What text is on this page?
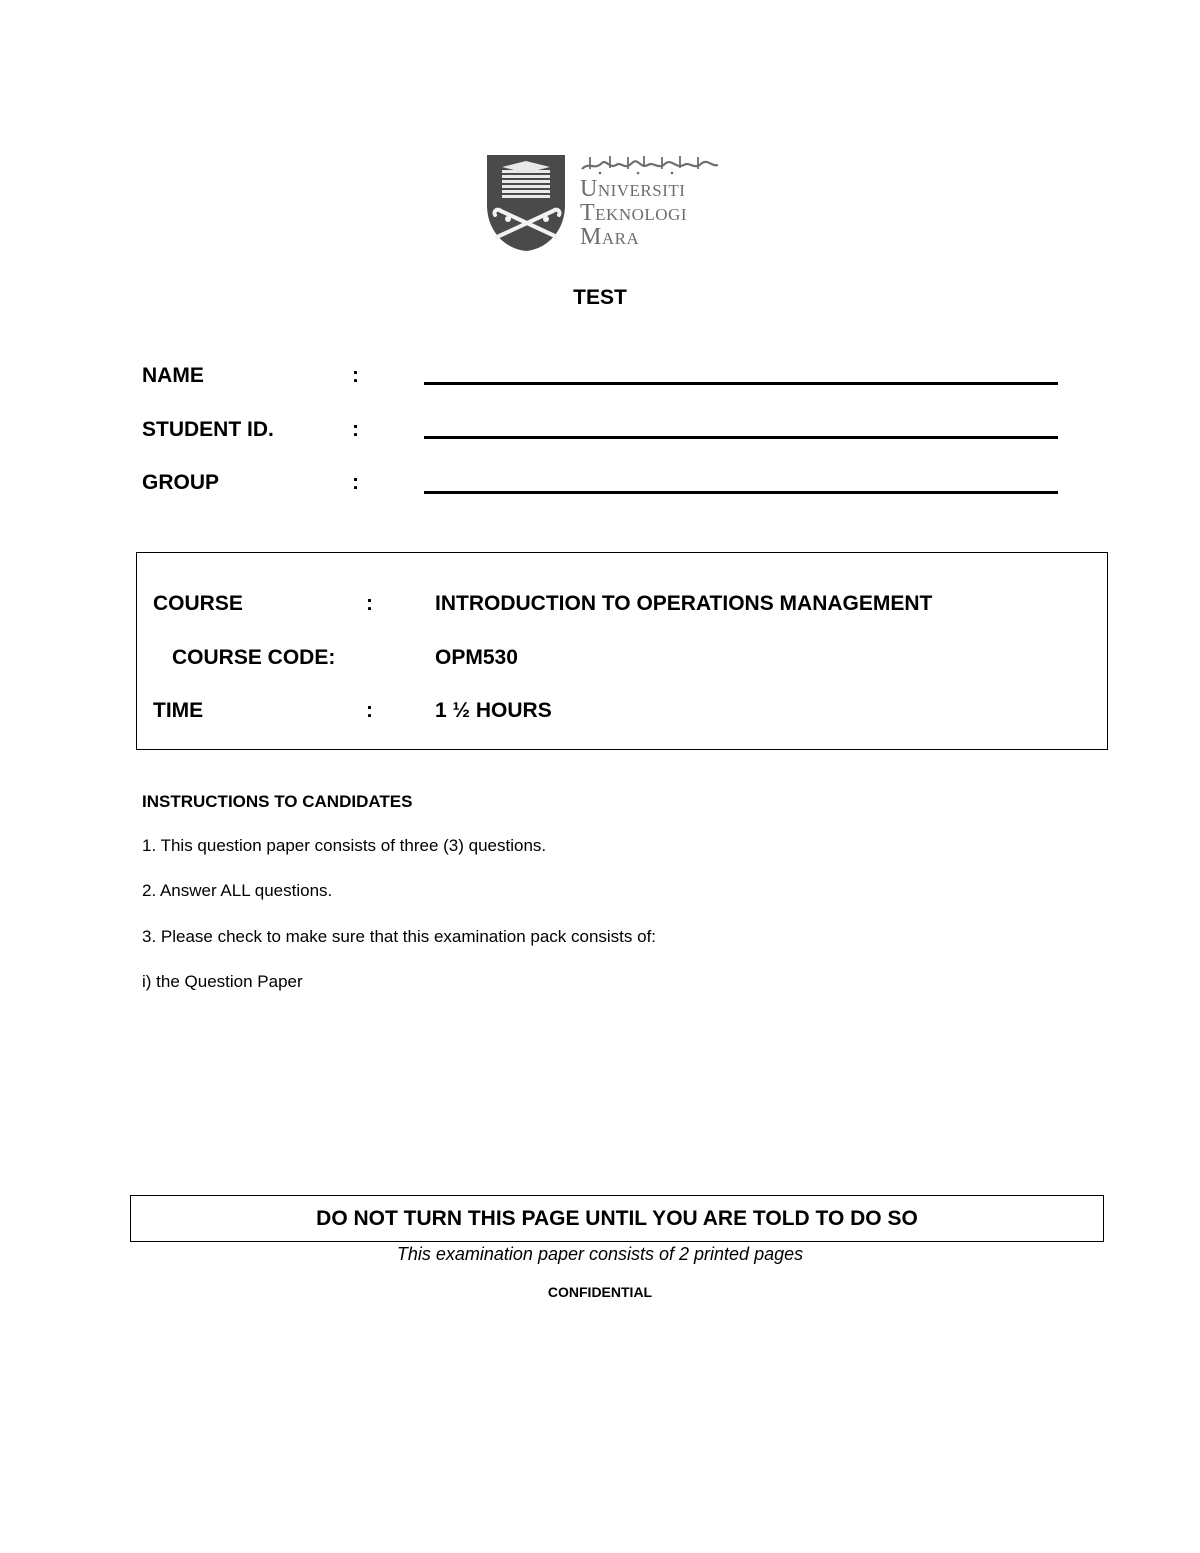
Universiti
Teknologi
Mara
TEST
NAME	:
STUDENT ID.	:
GROUP	:
COURSE	:	INTRODUCTION TO OPERATIONS MANAGEMENT
COURSE CODE:	OPM530
TIME	:	1 ½ HOURS
INSTRUCTIONS TO CANDIDATES
1. This question paper consists of three (3) questions.
2. Answer ALL questions.
3. Please check to make sure that this examination pack consists of:
i) the Question Paper
DO NOT TURN THIS PAGE UNTIL YOU ARE TOLD TO DO SO
This examination paper consists of 2 printed pages
CONFIDENTIAL
